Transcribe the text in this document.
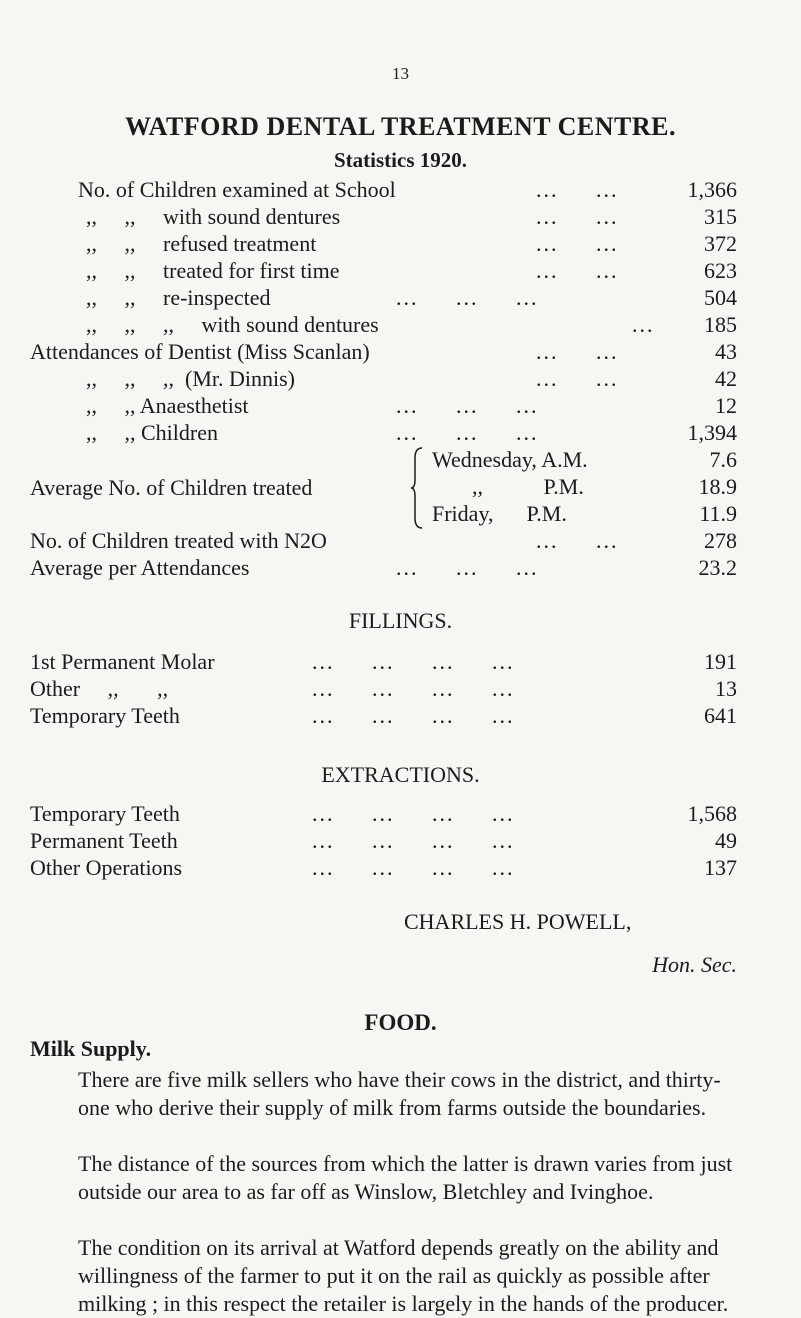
13
WATFORD DENTAL TREATMENT CENTRE.
Statistics 1920.
No. of Children examined at School	...     ...	1,366
,,     ,,     with sound dentures	...     ...	315
,,     ,,     refused treatment	...     ...	372
,,     ,,     treated for first time	...     ...	623
,,     ,,     re-inspected	...     ...     ...	504
,,     ,,     ,,     with sound dentures	... 185
Attendances of Dentist (Miss Scanlan)	...     ...	43
,,     ,,     ,,  (Mr. Dinnis)	...     ...	42
,,     ,, Anaesthetist	...     ...     ...	12
,,     ,, Children	...     ...     ...	1,394
Average No. of Children treated
Wednesday, A.M.	7.6
,,           P.M.	18.9
Friday,      P.M.	11.9
No. of Children treated with N2O	...     ...	278
Average per Attendances	...     ...     ...	23.2
FILLINGS.
1st Permanent Molar	...     ...     ...     ...	191
Other     ,,       ,,	...     ...     ...     ...	13
Temporary Teeth	...     ...     ...     ...	641
EXTRACTIONS.
Temporary Teeth	...     ...     ...     ...	1,568
Permanent Teeth	...     ...     ...     ...	49
Other Operations	...     ...     ...     ...	137
CHARLES H. POWELL,
Hon. Sec.
FOOD.
Milk Supply.
There are five milk sellers who have their cows in the district, and thirty-one who derive their supply of milk from farms outside the boundaries.
The distance of the sources from which the latter is drawn varies from just outside our area to as far off as Winslow, Bletchley and Ivinghoe.
The condition on its arrival at Watford depends greatly on the ability and willingness of the farmer to put it on the rail as quickly as possible after milking ; in this respect the retailer is largely in the hands of the producer.
